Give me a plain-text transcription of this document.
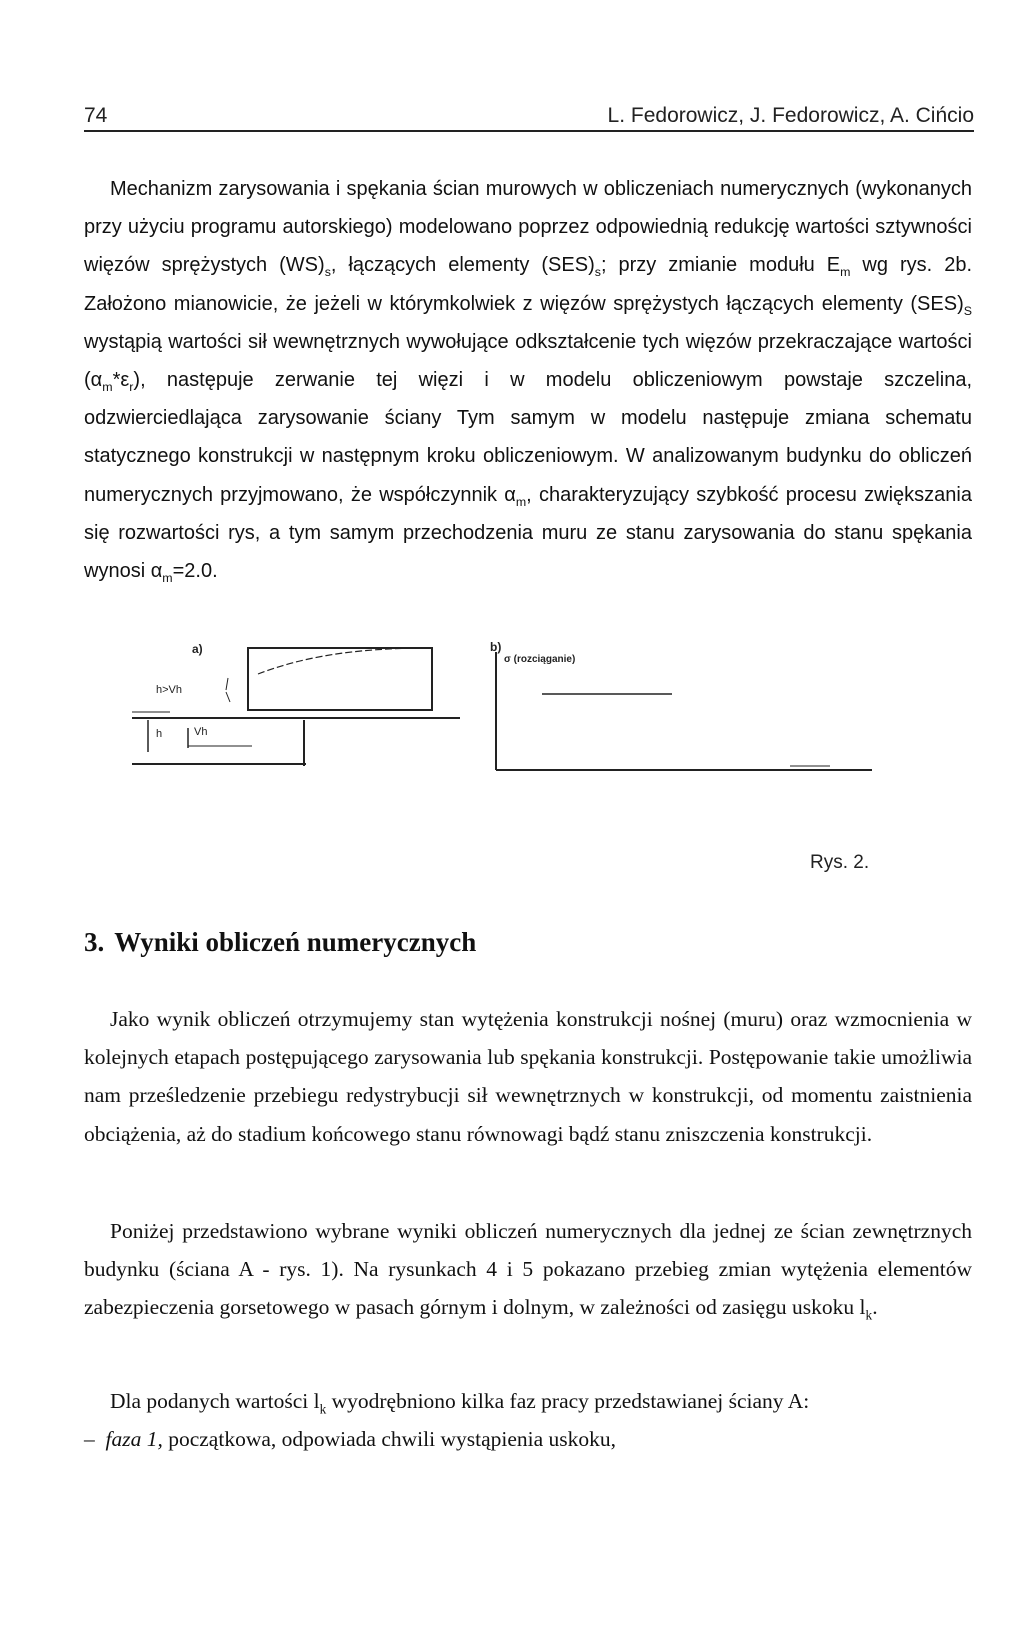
74	L. Fedorowicz, J. Fedorowicz, A. Cińcio

Mechanizm zarysowania i spękania ścian murowych w obliczeniach numerycznych (wykonanych przy użyciu programu autorskiego) modelowano poprzez odpowiednią redukcję wartości sztywności więzów sprężystych $(WS)_s$, łączących elementy $(SES)_s$; przy zmianie modułu $E_m$ wg rys. 2b. Założono mianowicie, że jeżeli w którymkolwiek z więzów sprężystych łączących elementy $(SES)_S$ wystąpią wartości sił wewnętrznych wywołujące odkształcenie tych więzów przekraczające wartości $(\alpha_m*\varepsilon_r)$, następuje zerwanie tej więzi i w modelu obliczeniowym powstaje szczelina, odzwierciedlająca zarysowanie ściany Tym samym w modelu następuje zmiana schematu statycznego konstrukcji w następnym kroku obliczeniowym. W analizowanym budynku do obliczeń numerycznych przyjmowano, że współczynnik $\alpha_m$, charakteryzujący szybkość procesu zwiększania się rozwartości rys, a tym samym przechodzenia muru ze stanu zarysowania do stanu spękania wynosi $\alpha_m=2.0$.

a)	b)
h>Vh
h	Vh
σ (rozciąganie)
Rys. 2.
3. Wyniki obliczeń numerycznych

Jako wynik obliczeń otrzymujemy stan wytężenia konstrukcji nośnej (muru) oraz wzmocnienia w kolejnych etapach postępującego zarysowania lub spękania konstrukcji. Postępowanie takie umożliwia nam prześledzenie przebiegu redystrybucji sił wewnętrznych w konstrukcji, od momentu zaistnienia obciążenia, aż do stadium końcowego stanu równowagi bądź stanu zniszczenia konstrukcji.

Poniżej przedstawiono wybrane wyniki obliczeń numerycznych dla jednej ze ścian zewnętrznych budynku (ściana A - rys. 1). Na rysunkach 4 i 5 pokazano przebieg zmian wytężenia elementów zabezpieczenia gorsetowego w pasach górnym i dolnym, w zależności od zasięgu uskoku $l_k$.

Dla podanych wartości $l_k$ wyodrębniono kilka faz pracy przedstawianej ściany A:

– faza 1, początkowa, odpowiada chwili wystąpienia uskoku,
